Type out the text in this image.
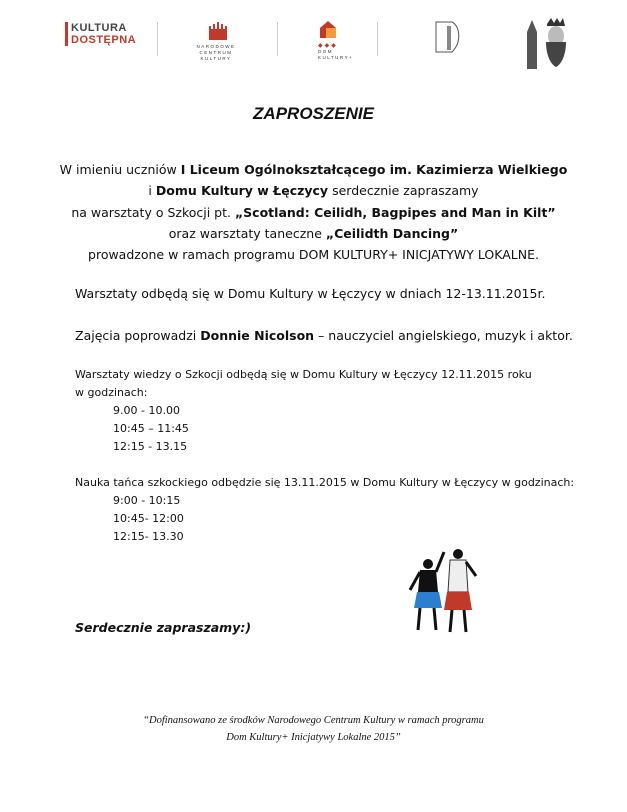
KULTURA
DOSTĘPNA
NARODOWE
CENTRUM
KULTURY
◆◆◆
DOM
KULTURY+
ZAPROSZENIE
W imieniu uczniów I Liceum Ogólnokształcącego im. Kazimierza Wielkiego
i Domu Kultury w Łęczycy serdecznie zapraszamy
na warsztaty o Szkocji pt. „Scotland: Ceilidh, Bagpipes and Man in Kilt”
oraz warsztaty taneczne „Ceilidth Dancing”
prowadzone w ramach programu DOM KULTURY+ INICJATYWY LOKALNE.
Warsztaty odbędą się w Domu Kultury w Łęczycy w dniach 12-13.11.2015r.
Zajęcia poprowadzi Donnie Nicolson – nauczyciel angielskiego, muzyk i aktor.
Warsztaty wiedzy o Szkocji odbędą się w Domu Kultury w Łęczycy 12.11.2015 roku
w godzinach:
9.00 - 10.00
10:45 – 11:45
12:15 - 13.15
Nauka tańca szkockiego odbędzie się 13.11.2015 w Domu Kultury w Łęczycy w godzinach:
9:00 - 10:15
10:45- 12:00
12:15- 13.30
Serdecznie zapraszamy:)
“Dofinansowano ze środków Narodowego Centrum Kultury w ramach programu
Dom Kultury+ Inicjatywy Lokalne 2015”
